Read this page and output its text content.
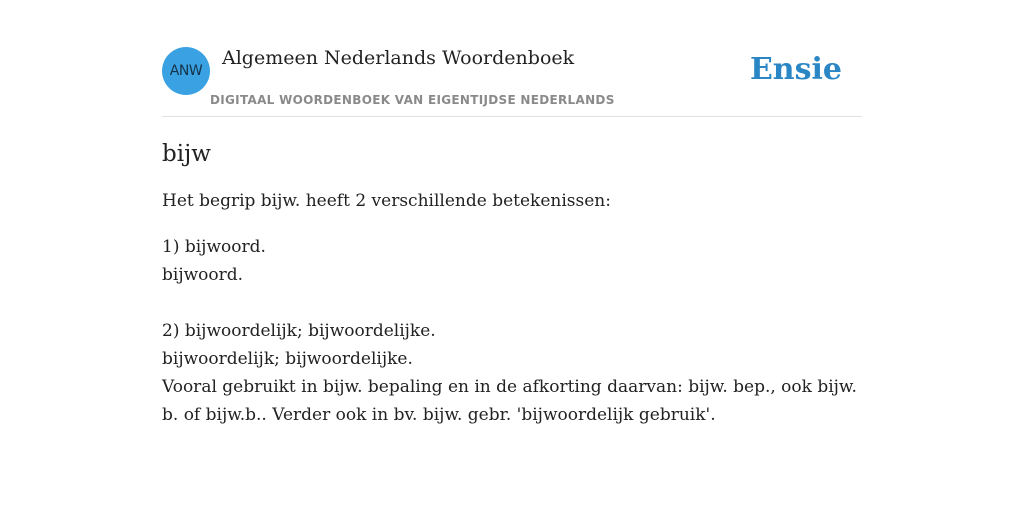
ANW
Algemeen Nederlands Woordenboek
DIGITAAL WOORDENBOEK VAN EIGENTIJDSE NEDERLANDS
Ensie
bijw

Het begrip bijw. heeft 2 verschillende betekenissen:

1) bijwoord.
bijwoord.
2) bijwoordelijk; bijwoordelijke.
bijwoordelijk; bijwoordelijke.
Vooral gebruikt in bijw. bepaling en in de afkorting daarvan: bijw. bep., ook bijw.
b. of bijw.b.. Verder ook in bv. bijw. gebr. 'bijwoordelijk gebruik'.
